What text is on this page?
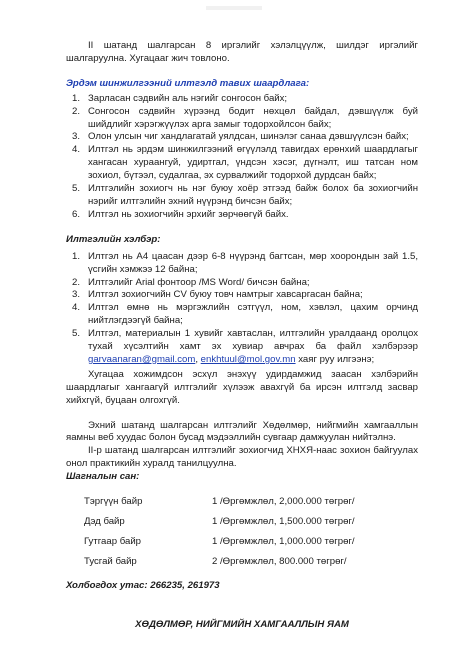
II шатанд шалгарсан 8 иргэлийг хэлэлцүүлж, шилдэг иргэлийг
шалгаруулна. Хугацааг жич товлоно.
Эрдэм шинжилгээний илтгэлд тавих шаардлага:
1. Зарласан сэдвийн аль нэгийг сонгосон байх;
2. Сонгосон сэдвийн хүрээнд бодит нөхцөл байдал, дэвшүүлж буй шийдлийг хэрэгжүүлэх арга замыг тодорхойлсон байх;
3. Олон улсын чиг хандлагатай уялдсан, шинэлэг санаа дэвшүүлсэн байх;
4. Илтгэл нь эрдэм шинжилгээний өгүүлэлд тавигдах ерөнхий шаардлагыг хангасан хураангуй, удиртгал, үндсэн хэсэг, дүгнэлт, иш татсан ном зохиол, бүтээл, судалгаа, эх сурвалжийг тодорхой дурдсан байх;
5. Илтгэлийн зохиогч нь нэг буюу хоёр этгээд байж болох ба зохиогчийн нэрийг илтгэлийн эхний нүүрэнд бичсэн байх;
6. Илтгэл нь зохиогчийн эрхийг зөрчөөгүй байх.
Илтгэлийн хэлбэр:
1. Илтгэл нь A4 цаасан дээр 6-8 нүүрэнд багтсан, мөр хоорондын зай 1.5, үсгийн хэмжээ 12 байна;
2. Илтгэлийг Arial фонтоор /MS Word/ бичсэн байна;
3. Илтгэл зохиогчийн CV буюу товч намтрыг хавсаргасан байна;
4. Илтгэл өмнө нь мэргэжлийн сэтгүүл, ном, хэвлэл, цахим орчинд нийтлэгдээгүй байна;
5. Илтгэл, материалын 1 хувийг хавтаслан, илтгэлийн уралдаанд оролцох тухай хүсэлтийн хамт эх хувиар авчрах ба файл хэлбэрээр garvaanaran@gmail.com, enkhtuul@mol.gov.mn хаяг руу илгээнэ;
Хугацаа хожимдсон эсхүл энэхүү удирдамжид заасан хэлбэрийн шаардлагыг хангаагүй илтгэлийг хүлээж авахгүй ба ирсэн илтгэлд засвар хийхгүй, буцаан олгохгүй.
Эхний шатанд шалгарсан илтгэлийг Хөдөлмөр, нийгмийн хамгааллын яамны веб хуудас болон бусад мэдээллийн сувгаар дамжуулан нийтэлнэ.
II-р шатанд шалгарсан илтгэлийг зохиогчид ХНХЯ-наас зохион байгуулах онол практикийн хуралд танилцуулна.
Шагналын сан:
Тэргүүн байр	1 /Өргөмжлөл, 2,000.000 төгрөг/
Дэд байр	1 /Өргөмжлөл, 1,500.000 төгрөг/
Гутгаар байр	1 /Өргөмжлөл, 1,000.000 төгрөг/
Тусгай байр	2 /Өргөмжлөл, 800.000 төгрөг/
Холбогдох утас: 266235, 261973
ХӨДӨЛМӨР, НИЙГМИЙН ХАМГААЛЛЫН ЯАМ
